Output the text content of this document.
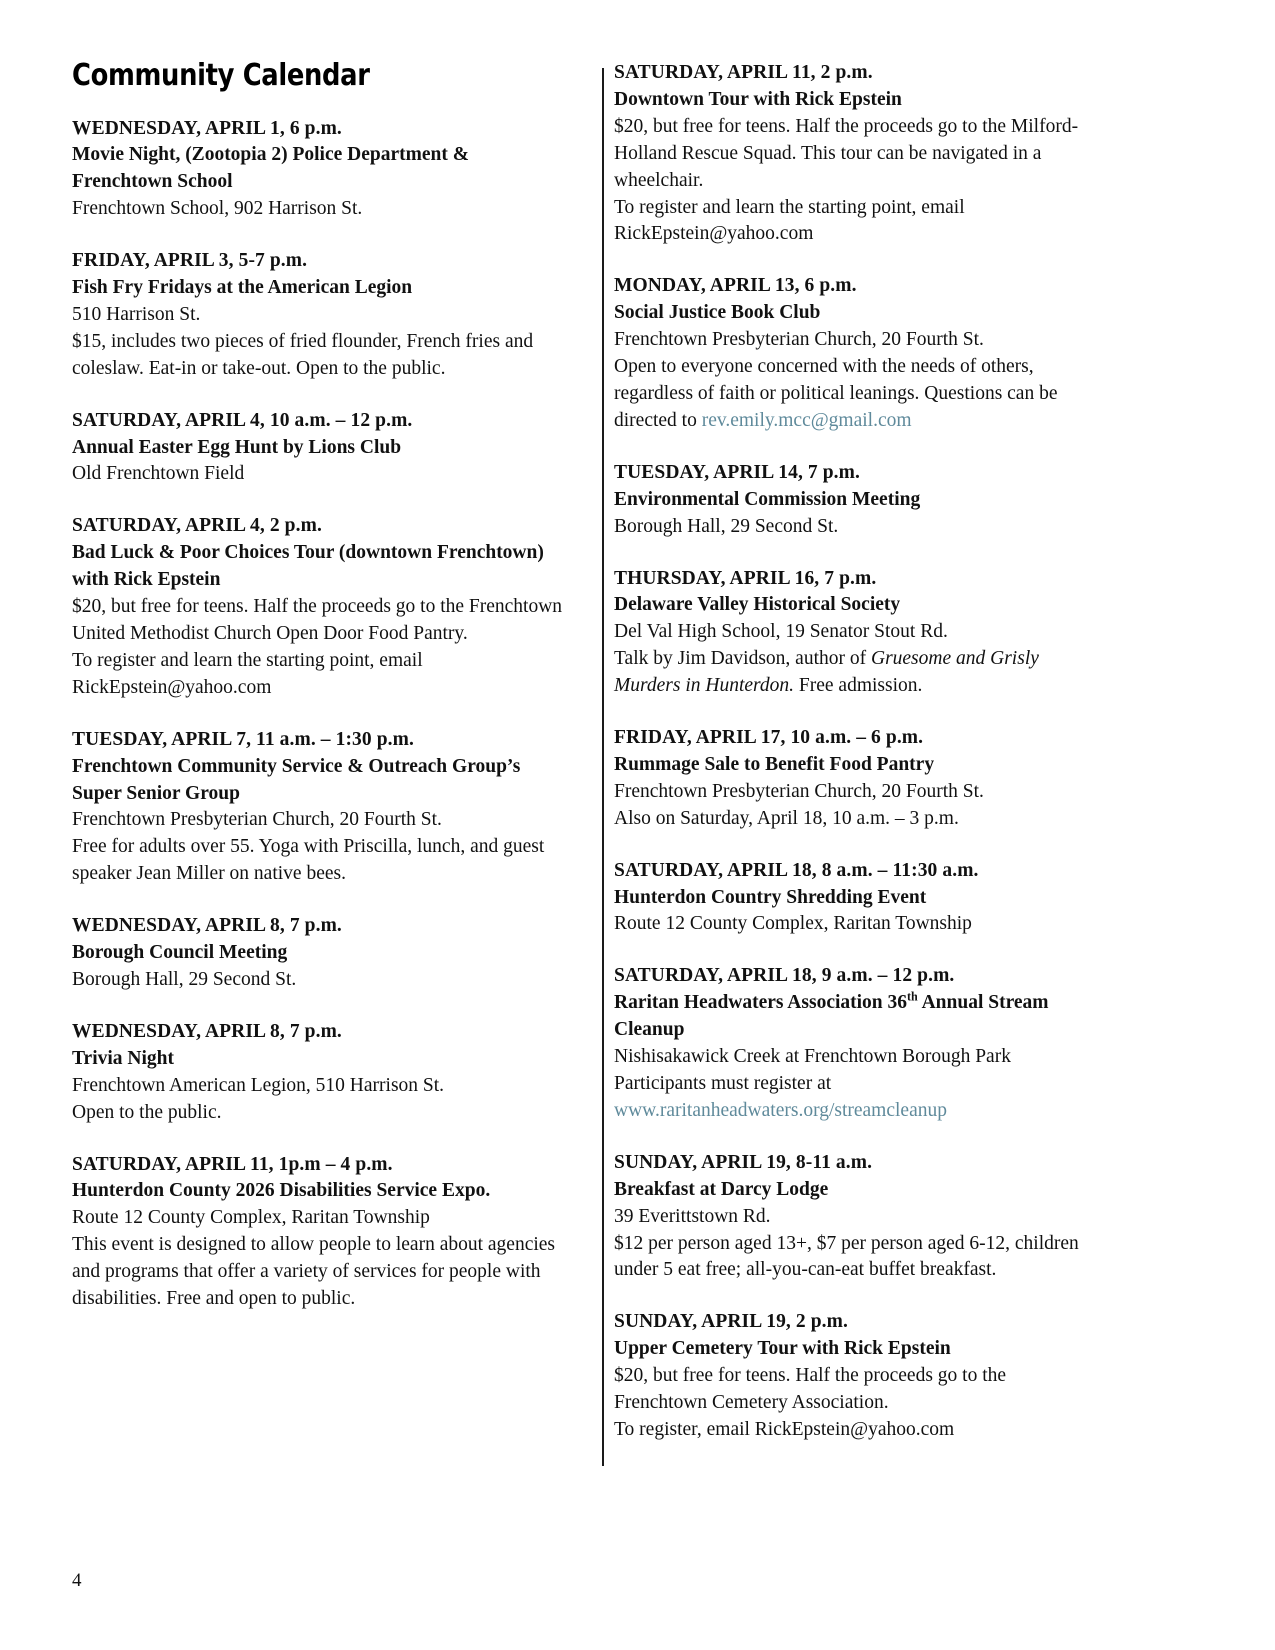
Community Calendar
WEDNESDAY, APRIL 1, 6 p.m.
Movie Night, (Zootopia 2) Police Department & Frenchtown School
Frenchtown School, 902 Harrison St.
FRIDAY, APRIL 3, 5-7 p.m.
Fish Fry Fridays at the American Legion
510 Harrison St.
$15, includes two pieces of fried flounder, French fries and coleslaw. Eat-in or take-out. Open to the public.
SATURDAY, APRIL 4, 10 a.m. – 12 p.m.
Annual Easter Egg Hunt by Lions Club
Old Frenchtown Field
SATURDAY, APRIL 4, 2 p.m.
Bad Luck & Poor Choices Tour (downtown Frenchtown) with Rick Epstein
$20, but free for teens. Half the proceeds go to the Frenchtown United Methodist Church Open Door Food Pantry.
To register and learn the starting point, email RickEpstein@yahoo.com
TUESDAY, APRIL 7, 11 a.m. – 1:30 p.m.
Frenchtown Community Service & Outreach Group’s Super Senior Group
Frenchtown Presbyterian Church, 20 Fourth St.
Free for adults over 55. Yoga with Priscilla, lunch, and guest speaker Jean Miller on native bees.
WEDNESDAY, APRIL 8, 7 p.m.
Borough Council Meeting
Borough Hall, 29 Second St.
WEDNESDAY, APRIL 8, 7 p.m.
Trivia Night
Frenchtown American Legion, 510 Harrison St.
Open to the public.
SATURDAY, APRIL 11, 1p.m – 4 p.m.
Hunterdon County 2026 Disabilities Service Expo.
Route 12 County Complex, Raritan Township
This event is designed to allow people to learn about agencies and programs that offer a variety of services for people with disabilities. Free and open to public.
SATURDAY, APRIL 11, 2 p.m.
Downtown Tour with Rick Epstein
$20, but free for teens. Half the proceeds go to the Milford-Holland Rescue Squad. This tour can be navigated in a wheelchair.
To register and learn the starting point, email RickEpstein@yahoo.com
MONDAY, APRIL 13, 6 p.m.
Social Justice Book Club
Frenchtown Presbyterian Church, 20 Fourth St.
Open to everyone concerned with the needs of others, regardless of faith or political leanings. Questions can be directed to rev.emily.mcc@gmail.com
TUESDAY, APRIL 14, 7 p.m.
Environmental Commission Meeting
Borough Hall, 29 Second St.
THURSDAY, APRIL 16, 7 p.m.
Delaware Valley Historical Society
Del Val High School, 19 Senator Stout Rd.
Talk by Jim Davidson, author of Gruesome and Grisly Murders in Hunterdon. Free admission.
FRIDAY, APRIL 17, 10 a.m. – 6 p.m.
Rummage Sale to Benefit Food Pantry
Frenchtown Presbyterian Church, 20 Fourth St.
Also on Saturday, April 18, 10 a.m. – 3 p.m.
SATURDAY, APRIL 18, 8 a.m. – 11:30 a.m.
Hunterdon Country Shredding Event
Route 12 County Complex, Raritan Township
SATURDAY, APRIL 18, 9 a.m. – 12 p.m.
Raritan Headwaters Association 36th Annual Stream Cleanup
Nishisakawick Creek at Frenchtown Borough Park
Participants must register at
www.raritanheadwaters.org/streamcleanup
SUNDAY, APRIL 19, 8-11 a.m.
Breakfast at Darcy Lodge
39 Everittstown Rd.
$12 per person aged 13+, $7 per person aged 6-12, children under 5 eat free; all-you-can-eat buffet breakfast.
SUNDAY, APRIL 19, 2 p.m.
Upper Cemetery Tour with Rick Epstein
$20, but free for teens. Half the proceeds go to the Frenchtown Cemetery Association.
To register, email RickEpstein@yahoo.com
4
